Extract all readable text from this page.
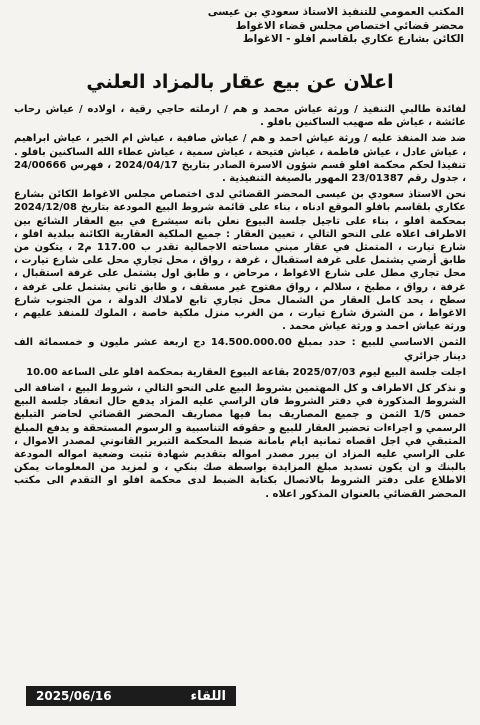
المكتب العمومي للتنفيذ الاستاذ سعودي بن عيسى
محضر قضائي اختصاص مجلس قضاء الاغواط
الكائن بشارع عكاري بلقاسم افلو - الاغواط
اعلان عن بيع عقار بالمزاد العلني

لفائدة طالبي التنفيذ / ورثة عياش محمد و هم / ارملته حاجي رقية ، اولاده / عياش رحاب عائشة ، عياش طه صهيب الساكنين بافلو .

ضد ضد المنفذ عليه / ورثة عياش احمد و هم / عياش صافية ، عياش ام الخير ، عياش ابراهيم ، عياش عادل ، عياش فاطمة ، عياش فتيحة ، عياش سمية ، عياش عطاء الله الساكنين بافلو . تنفيذا لحكم محكمة افلو قسم شؤون الاسرة الصادر بتاريخ 2024/04/17 ، فهرس 24/00666 ، جدول رقم 23/01387 المهور بالصيغة التنفيذية .

نحن الاستاذ سعودي بن عيسى المحضر القضائي لدى اختصاص مجلس الاغواط الكائن بشارع عكاري بلقاسم بافلو الموقع ادناه ، بناء على قائمة شروط البيع المودعة بتاريخ 2024/12/08 بمحكمة افلو ، بناء على تاجيل جلسة البيوع نعلن بانه سيشرع في بيع العقار الشائع بين الاطراف اعلاه على النحو التالي ، تعيين العقار : جميع الملكية العقارية الكائنة ببلدية افلو ، شارع تيارت ، المتمثل في عقار مبني مساحته الاجمالية تقدر ب 117.00 م2 ، يتكون من طابق أرضي يشتمل على غرفة استقبال ، غرفة ، رواق ، محل تجاري محل على شارع تيارت ، محل تجاري مطل على شارع الاغواط ، مرحاض ، و طابق اول يشتمل على غرفة استقبال ، غرفة ، رواق ، مطبخ ، سلالم ، رواق مفتوح غير مسقف ، و طابق ثاني يشتمل على غرفة ، سطح ، يحد كامل العقار من الشمال محل تجاري تابع لاملاك الدولة ، من الجنوب شارع الاغواط ، من الشرق شارع تيارت ، من الغرب منزل ملكية خاصة ، الملوك للمنفذ عليهم ، ورثة عياش احمد و ورثة عياش محمد .

الثمن الاساسي للبيع : حدد بمبلغ 14.500.000.00 دج اربعة عشر مليون و خمسمائة الف دينار جزائري

اجلت جلسة البيع ليوم 2025/07/03 بقاعة البيوع العقارية بمحكمة افلو على الساعة 10.00

و نذكر كل الاطراف و كل المهتمين بشروط البيع على النحو التالي ، شروط البيع ، اضافة الى الشروط المذكورة في دفتر الشروط فان الراسي عليه المزاد يدفع حال انعقاد جلسة البيع خمس 1/5 الثمن و جميع المصاريف بما فيها مصاريف المحضر القضائي لحاضر التبليغ الرسمي و اجراءات تحضير العقار للبيع و حقوقه التناسبية و الرسوم المستحقة و يدفع المبلغ المتبقي في اجل اقصاه ثمانية ايام بامانة ضبط المحكمة التبرير القانوني لمصدر الاموال ، على الراسي عليه المزاد ان يبرر مصدر امواله بتقديم شهادة تثبت وضعية امواله المودعة بالبنك و ان يكون تسديد مبلغ المزايدة بواسطة صك بنكي ، و لمزيد من المعلومات يمكن الاطلاع على دفتر الشروط بالاتصال بكتابة الضبط لدى محكمة افلو او التقدم الى مكتب المحضر القضائي بالعنوان المذكور اعلاه .

اللقاء
2025/06/16
